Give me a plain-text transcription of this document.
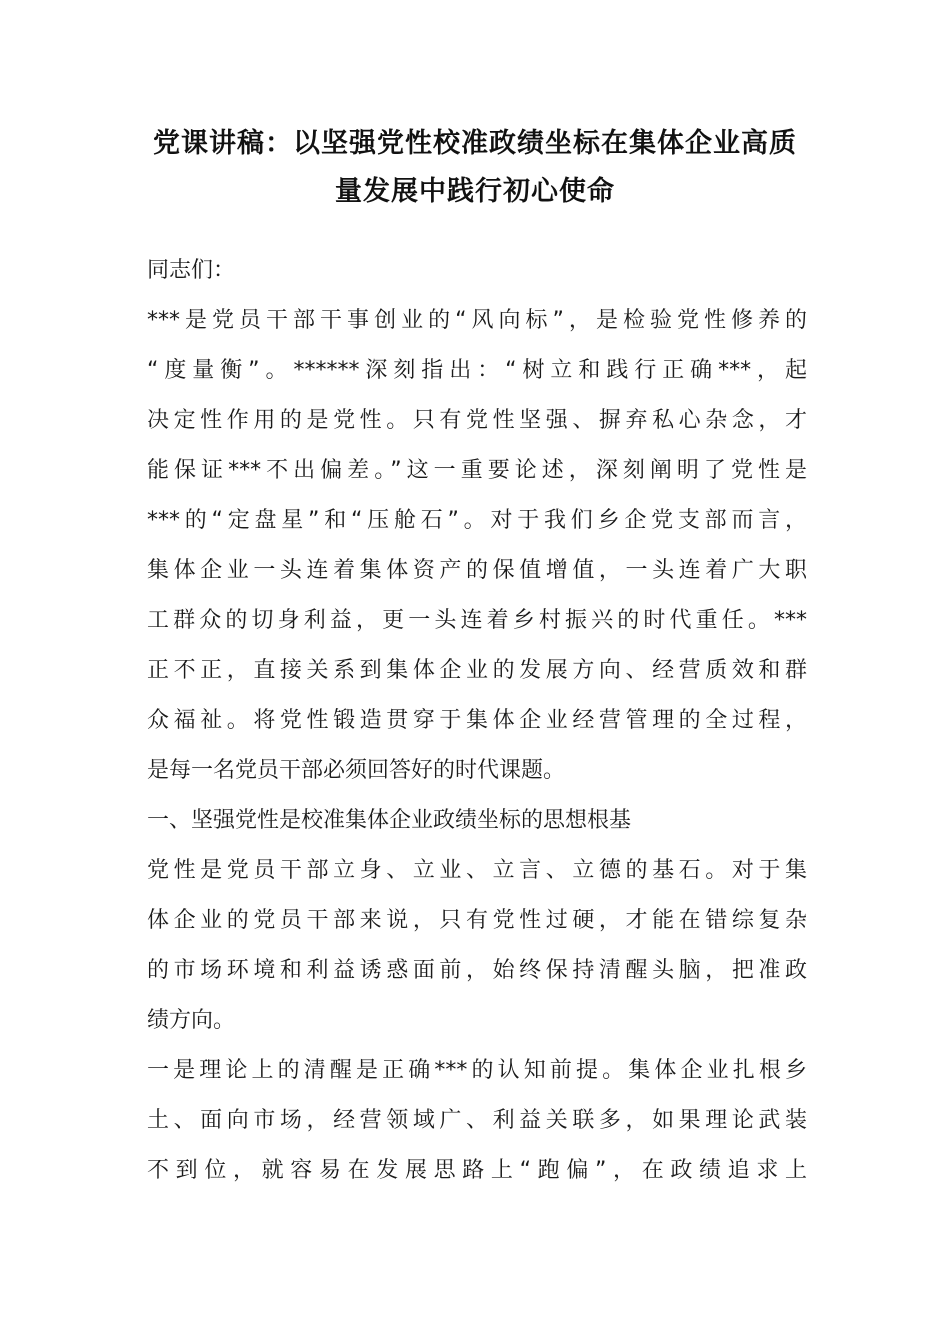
党课讲稿：以坚强党性校准政绩坐标在集体企业高质
量发展中践行初心使命
同志们：
***是党员干部干事创业的“风向标”，是检验党性修养的
“度量衡”。******深刻指出：“树立和践行正确***，起
决定性作用的是党性。只有党性坚强、摒弃私心杂念，才
能保证***不出偏差。”这一重要论述，深刻阐明了党性是
***的“定盘星”和“压舱石”。对于我们乡企党支部而言，
集体企业一头连着集体资产的保值增值，一头连着广大职
工群众的切身利益，更一头连着乡村振兴的时代重任。***
正不正，直接关系到集体企业的发展方向、经营质效和群
众福祉。将党性锻造贯穿于集体企业经营管理的全过程，
是每一名党员干部必须回答好的时代课题。
一、坚强党性是校准集体企业政绩坐标的思想根基
党性是党员干部立身、立业、立言、立德的基石。对于集
体企业的党员干部来说，只有党性过硬，才能在错综复杂
的市场环境和利益诱惑面前，始终保持清醒头脑，把准政
绩方向。
一是理论上的清醒是正确***的认知前提。集体企业扎根乡
土、面向市场，经营领域广、利益关联多，如果理论武装
不到位，就容易在发展思路上“跑偏”，在政绩追求上
